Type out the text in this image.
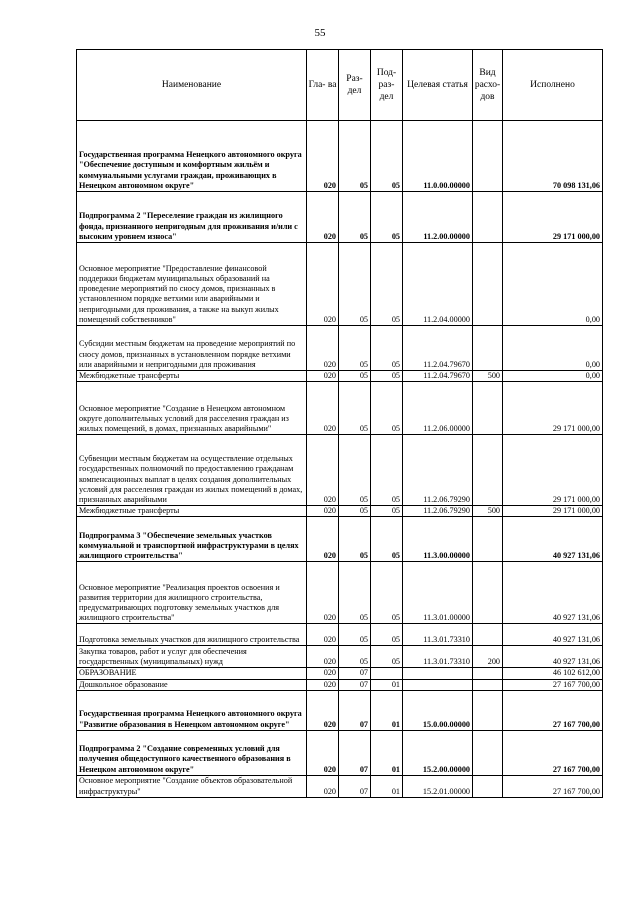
55
Наименование	Гла- ва	Раз- дел	Под- раз- дел	Целевая статья	Вид расхо- дов	Исполнено
Государственная программа Ненецкого автономного округа "Обеспечение доступным и комфортным жильём и коммунальными услугами граждан, проживающих в Ненецком автономном округе"	020	05	05	11.0.00.00000		70 098 131,06
Подпрограмма 2 "Переселение граждан из жилищного фонда, признанного непригодным для проживания и/или с высоким уровнем износа"	020	05	05	11.2.00.00000		29 171 000,00
Основное мероприятие "Предоставление финансовой поддержки бюджетам муниципальных образований на проведение мероприятий по сносу домов, признанных в установленном порядке ветхими или аварийными и непригодными для проживания, а также на выкуп жилых помещений собственников"	020	05	05	11.2.04.00000		0,00
Субсидии местным бюджетам на проведение мероприятий по сносу домов, признанных в установленном порядке ветхими или аварийными и непригодными для проживания	020	05	05	11.2.04.79670		0,00
Межбюджетные трансферты	020	05	05	11.2.04.79670	500	0,00
Основное мероприятие "Создание в Ненецком автономном округе дополнительных условий для расселения граждан из жилых помещений, в домах, признанных аварийными"	020	05	05	11.2.06.00000		29 171 000,00
Субвенции местным бюджетам на осуществление отдельных государственных полномочий по предоставлению гражданам компенсационных выплат в целях создания дополнительных условий для расселения граждан из жилых помещений в домах, признанных аварийными	020	05	05	11.2.06.79290		29 171 000,00
Межбюджетные трансферты	020	05	05	11.2.06.79290	500	29 171 000,00
Подпрограмма 3 "Обеспечение земельных участков коммунальной и транспортной инфраструктурами в целях жилищного строительства"	020	05	05	11.3.00.00000		40 927 131,06
Основное мероприятие "Реализация проектов освоения и развития территории для жилищного строительства, предусматривающих подготовку земельных участков для жилищного строительства"	020	05	05	11.3.01.00000		40 927 131,06
Подготовка земельных участков для жилищного строительства	020	05	05	11.3.01.73310		40 927 131,06
Закупка товаров, работ и услуг для обеспечения государственных (муниципальных) нужд	020	05	05	11.3.01.73310	200	40 927 131,06
ОБРАЗОВАНИЕ	020	07				46 102 612,00
Дошкольное образование	020	07	01			27 167 700,00
Государственная программа Ненецкого автономного округа "Развитие образования в Ненецком автономном округе"	020	07	01	15.0.00.00000		27 167 700,00
Подпрограмма 2 "Создание современных условий для получения общедоступного качественного образования в Ненецком автономном округе"	020	07	01	15.2.00.00000		27 167 700,00
Основное мероприятие "Создание объектов образовательной инфраструктуры"	020	07	01	15.2.01.00000		27 167 700,00
